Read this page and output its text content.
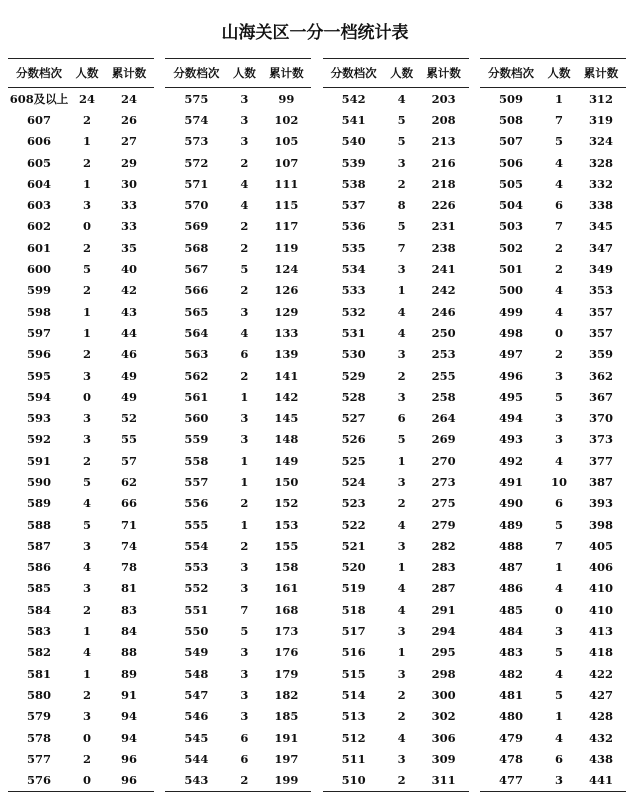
山海关区一分一档统计表
分数档次	人数	累计数
608及以上	24	24
607	2	26
606	1	27
605	2	29
604	1	30
603	3	33
602	0	33
601	2	35
600	5	40
599	2	42
598	1	43
597	1	44
596	2	46
595	3	49
594	0	49
593	3	52
592	3	55
591	2	57
590	5	62
589	4	66
588	5	71
587	3	74
586	4	78
585	3	81
584	2	83
583	1	84
582	4	88
581	1	89
580	2	91
579	3	94
578	0	94
577	2	96
576	0	96
分数档次	人数	累计数
575	3	99
574	3	102
573	3	105
572	2	107
571	4	111
570	4	115
569	2	117
568	2	119
567	5	124
566	2	126
565	3	129
564	4	133
563	6	139
562	2	141
561	1	142
560	3	145
559	3	148
558	1	149
557	1	150
556	2	152
555	1	153
554	2	155
553	3	158
552	3	161
551	7	168
550	5	173
549	3	176
548	3	179
547	3	182
546	3	185
545	6	191
544	6	197
543	2	199
分数档次	人数	累计数
542	4	203
541	5	208
540	5	213
539	3	216
538	2	218
537	8	226
536	5	231
535	7	238
534	3	241
533	1	242
532	4	246
531	4	250
530	3	253
529	2	255
528	3	258
527	6	264
526	5	269
525	1	270
524	3	273
523	2	275
522	4	279
521	3	282
520	1	283
519	4	287
518	4	291
517	3	294
516	1	295
515	3	298
514	2	300
513	2	302
512	4	306
511	3	309
510	2	311
分数档次	人数	累计数
509	1	312
508	7	319
507	5	324
506	4	328
505	4	332
504	6	338
503	7	345
502	2	347
501	2	349
500	4	353
499	4	357
498	0	357
497	2	359
496	3	362
495	5	367
494	3	370
493	3	373
492	4	377
491	10	387
490	6	393
489	5	398
488	7	405
487	1	406
486	4	410
485	0	410
484	3	413
483	5	418
482	4	422
481	5	427
480	1	428
479	4	432
478	6	438
477	3	441
